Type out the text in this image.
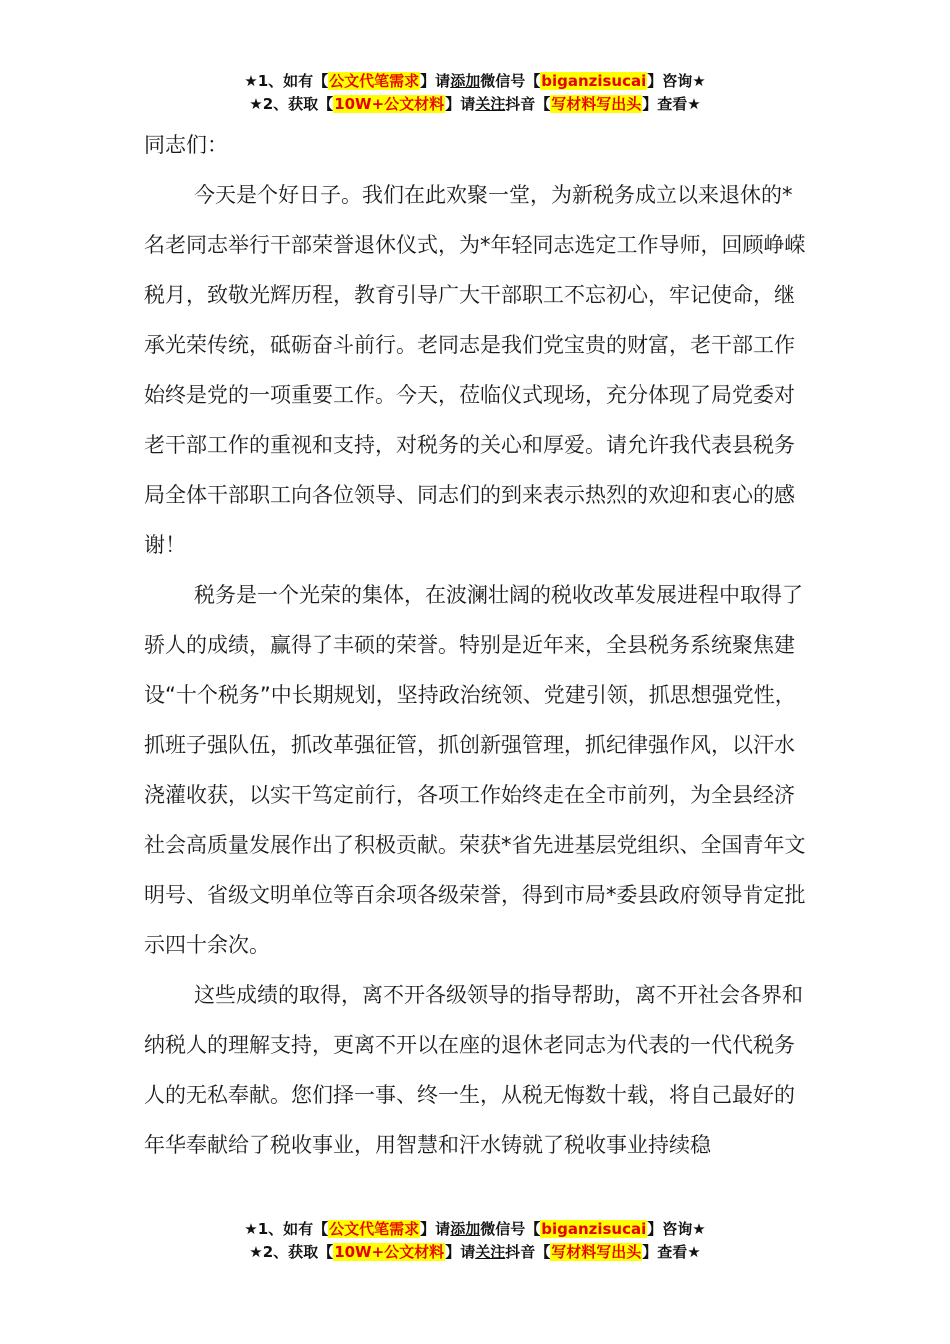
★1、如有【公文代笔需求】请添加微信号【biganzisucai】咨询★
★2、获取【10W+公文材料】请关注抖音【写材料写出头】查看★

同志们：

今天是个好日子。我们在此欢聚一堂，为新税务成立以来退休的*名老同志举行干部荣誉退休仪式，为*年轻同志选定工作导师，回顾峥嵘税月，致敬光辉历程，教育引导广大干部职工不忘初心，牢记使命，继承光荣传统，砥砺奋斗前行。老同志是我们党宝贵的财富，老干部工作始终是党的一项重要工作。今天，莅临仪式现场，充分体现了局党委对老干部工作的重视和支持，对税务的关心和厚爱。请允许我代表县税务局全体干部职工向各位领导、同志们的到来表示热烈的欢迎和衷心的感谢！

税务是一个光荣的集体，在波澜壮阔的税收改革发展进程中取得了骄人的成绩，赢得了丰硕的荣誉。特别是近年来，全县税务系统聚焦建设“十个税务”中长期规划，坚持政治统领、党建引领，抓思想强党性，抓班子强队伍，抓改革强征管，抓创新强管理，抓纪律强作风，以汗水浇灌收获，以实干笃定前行，各项工作始终走在全市前列，为全县经济社会高质量发展作出了积极贡献。荣获*省先进基层党组织、全国青年文明号、省级文明单位等百余项各级荣誉，得到市局*委县政府领导肯定批示四十余次。

这些成绩的取得，离不开各级领导的指导帮助，离不开社会各界和纳税人的理解支持，更离不开以在座的退休老同志为代表的一代代税务人的无私奉献。您们择一事、终一生，从税无悔数十载，将自己最好的年华奉献给了税收事业，用智慧和汗水铸就了税收事业持续稳

★1、如有【公文代笔需求】请添加微信号【biganzisucai】咨询★
★2、获取【10W+公文材料】请关注抖音【写材料写出头】查看★
